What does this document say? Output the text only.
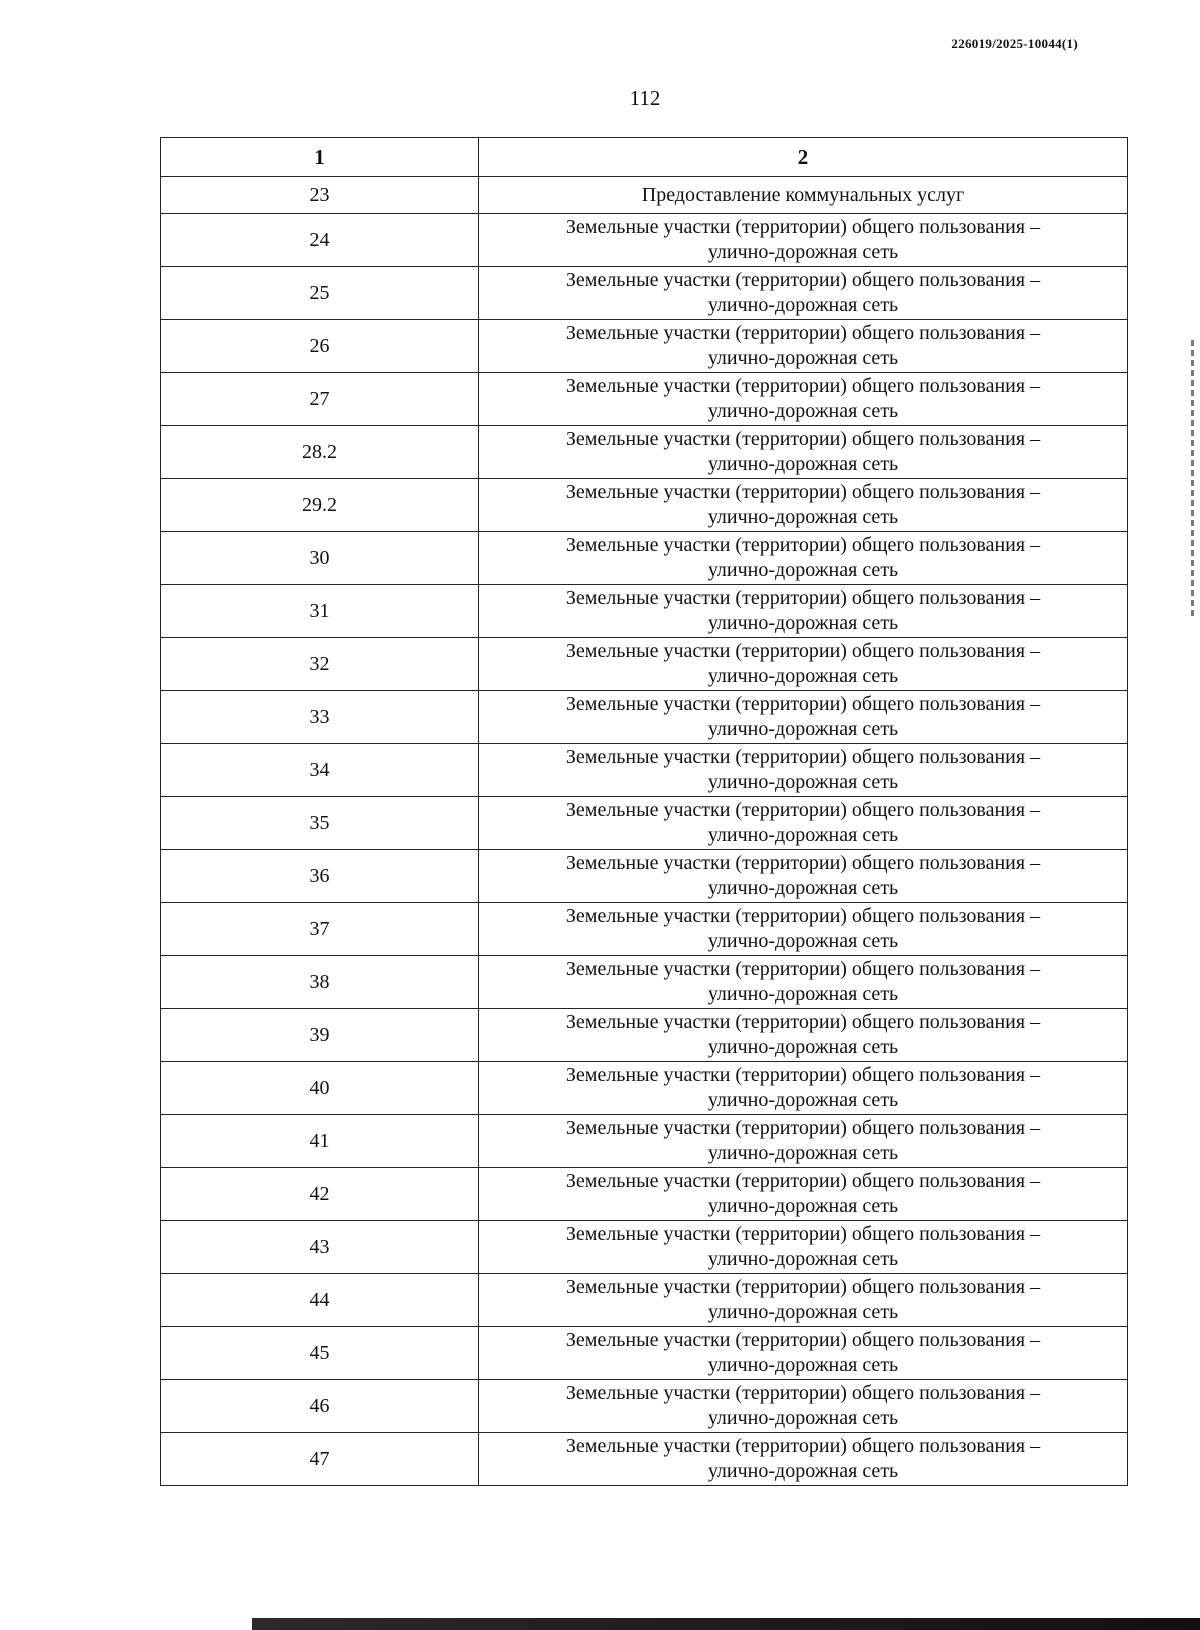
226019/2025-10044(1)
112
1	2
23	Предоставление коммунальных услуг

24	Земельные участки (территории) общего пользования –
улично-дорожная сеть

25	Земельные участки (территории) общего пользования –
улично-дорожная сеть

26	Земельные участки (территории) общего пользования –
улично-дорожная сеть

27	Земельные участки (территории) общего пользования –
улично-дорожная сеть

28.2	Земельные участки (территории) общего пользования –
улично-дорожная сеть

29.2	Земельные участки (территории) общего пользования –
улично-дорожная сеть

30	Земельные участки (территории) общего пользования –
улично-дорожная сеть

31	Земельные участки (территории) общего пользования –
улично-дорожная сеть

32	Земельные участки (территории) общего пользования –
улично-дорожная сеть

33	Земельные участки (территории) общего пользования –
улично-дорожная сеть

34	Земельные участки (территории) общего пользования –
улично-дорожная сеть

35	Земельные участки (территории) общего пользования –
улично-дорожная сеть

36	Земельные участки (территории) общего пользования –
улично-дорожная сеть

37	Земельные участки (территории) общего пользования –
улично-дорожная сеть

38	Земельные участки (территории) общего пользования –
улично-дорожная сеть

39	Земельные участки (территории) общего пользования –
улично-дорожная сеть

40	Земельные участки (территории) общего пользования –
улично-дорожная сеть

41	Земельные участки (территории) общего пользования –
улично-дорожная сеть

42	Земельные участки (территории) общего пользования –
улично-дорожная сеть

43	Земельные участки (территории) общего пользования –
улично-дорожная сеть

44	Земельные участки (территории) общего пользования –
улично-дорожная сеть

45	Земельные участки (территории) общего пользования –
улично-дорожная сеть

46	Земельные участки (территории) общего пользования –
улично-дорожная сеть

47	Земельные участки (территории) общего пользования –
улично-дорожная сеть
